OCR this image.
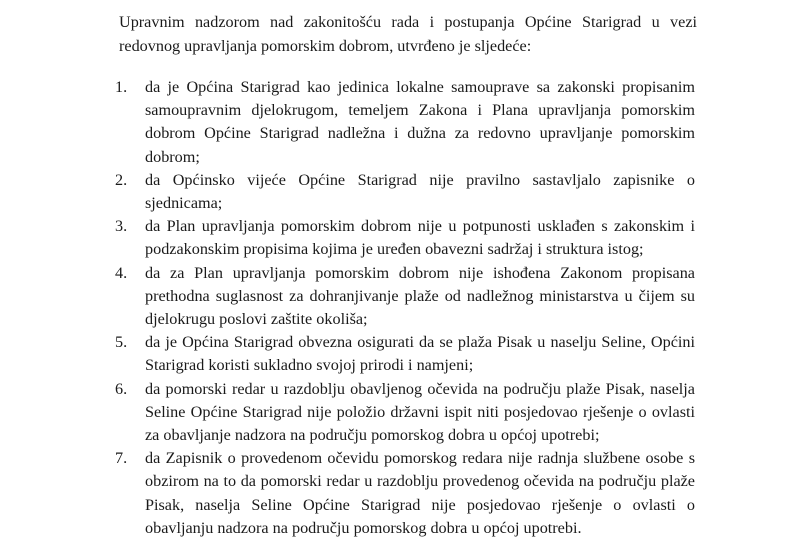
Upravnim nadzorom nad zakonitošću rada i postupanja Općine Starigrad u vezi redovnog upravljanja pomorskim dobrom, utvrđeno je sljedeće:

1.	da je Općina Starigrad kao jedinica lokalne samouprave sa zakonski propisanim samoupravnim djelokrugom, temeljem Zakona i Plana upravljanja pomorskim dobrom Općine Starigrad nadležna i dužna za redovno upravljanje pomorskim dobrom;
2.	da Općinsko vijeće Općine Starigrad nije pravilno sastavljalo zapisnike o sjednicama;
3.	da Plan upravljanja pomorskim dobrom nije u potpunosti usklađen s zakonskim i podzakonskim propisima kojima je uređen obavezni sadržaj i struktura istog;
4.	da za Plan upravljanja pomorskim dobrom nije ishođena Zakonom propisana prethodna suglasnost za dohranjivanje plaže od nadležnog ministarstva u čijem su djelokrugu poslovi zaštite okoliša;
5.	da je Općina Starigrad obvezna osigurati da se plaža Pisak u naselju Seline, Općini Starigrad koristi sukladno svojoj prirodi i namjeni;
6.	da pomorski redar u razdoblju obavljenog očevida na području plaže Pisak, naselja Seline Općine Starigrad nije položio državni ispit niti posjedovao rješenje o ovlasti za obavljanje nadzora na području pomorskog dobra u općoj upotrebi;
7.	da Zapisnik o provedenom očevidu pomorskog redara nije radnja službene osobe s obzirom na to da pomorski redar u razdoblju provedenog očevida na području plaže Pisak, naselja Seline Općine Starigrad nije posjedovao rješenje o ovlasti o obavljanju nadzora na području pomorskog dobra u općoj upotrebi.
